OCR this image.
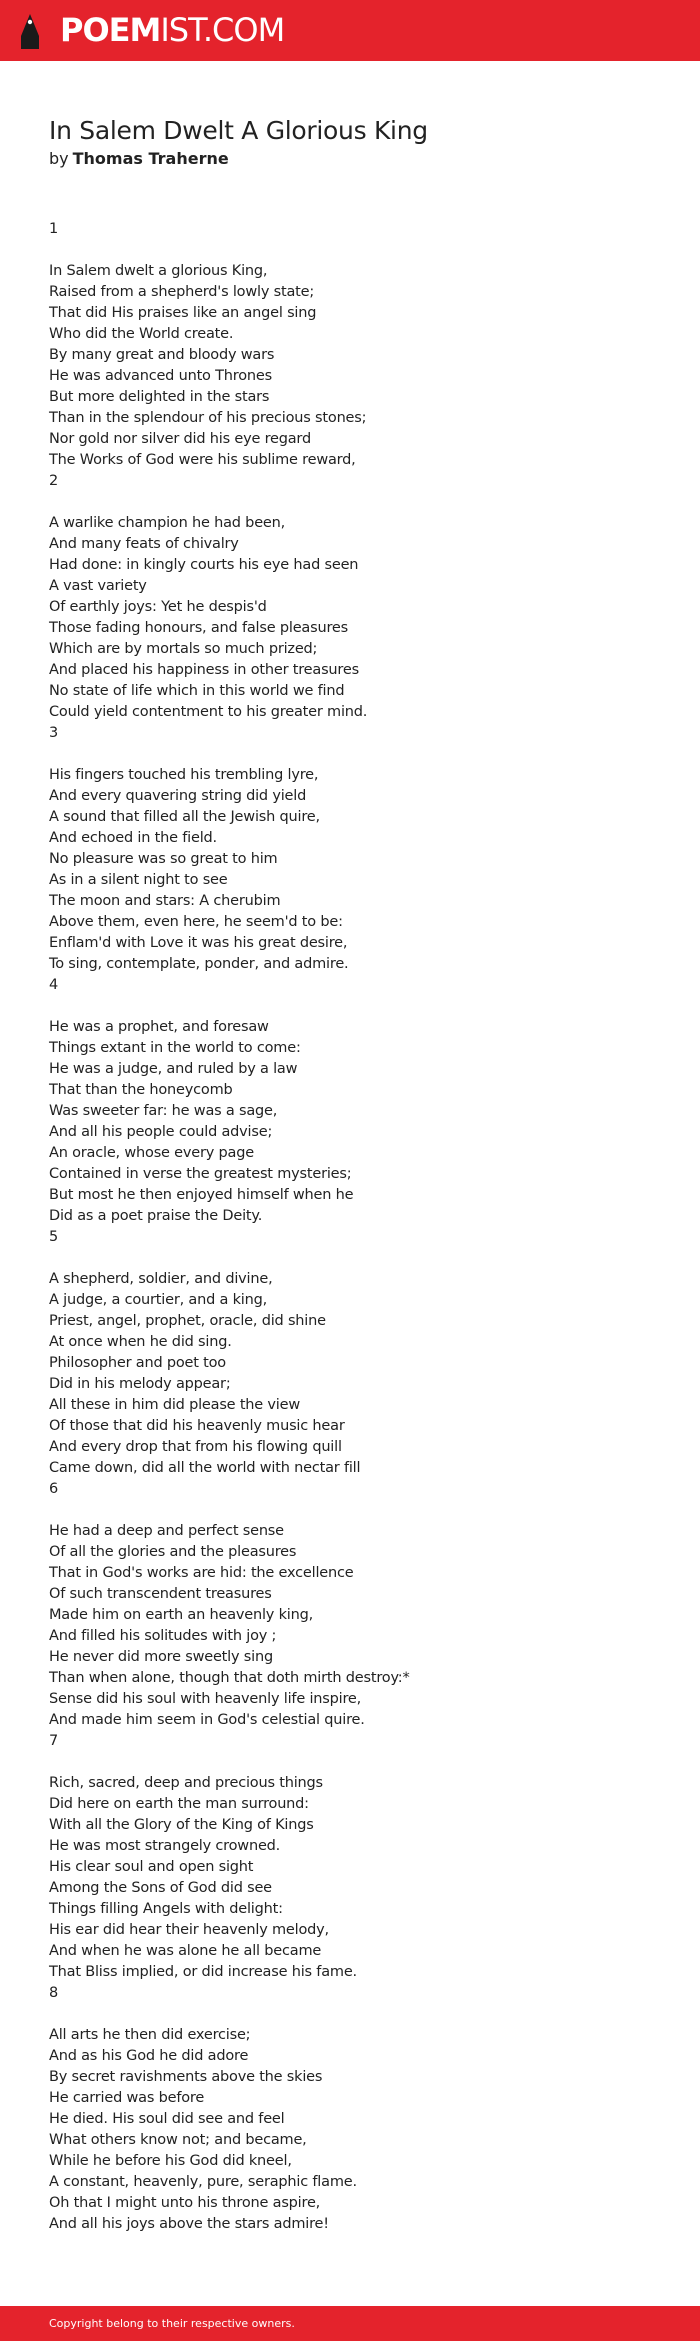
POEMIST.COM
In Salem Dwelt A Glorious King
by Thomas Traherne
1
In Salem dwelt a glorious King,
Raised from a shepherd's lowly state;
That did His praises like an angel sing
Who did the World create.
By many great and bloody wars
He was advanced unto Thrones
But more delighted in the stars
Than in the splendour of his precious stones;
Nor gold nor silver did his eye regard
The Works of God were his sublime reward,
2
A warlike champion he had been,
And many feats of chivalry
Had done: in kingly courts his eye had seen
A vast variety
Of earthly joys: Yet he despis'd
Those fading honours, and false pleasures
Which are by mortals so much prized;
And placed his happiness in other treasures
No state of life which in this world we find
Could yield contentment to his greater mind.
3
His fingers touched his trembling lyre,
And every quavering string did yield
A sound that filled all the Jewish quire,
And echoed in the field.
No pleasure was so great to him
As in a silent night to see
The moon and stars: A cherubim
Above them, even here, he seem'd to be:
Enflam'd with Love it was his great desire,
To sing, contemplate, ponder, and admire.
4
He was a prophet, and foresaw
Things extant in the world to come:
He was a judge, and ruled by a law
That than the honeycomb
Was sweeter far: he was a sage,
And all his people could advise;
An oracle, whose every page
Contained in verse the greatest mysteries;
But most he then enjoyed himself when he
Did as a poet praise the Deity.
5
A shepherd, soldier, and divine,
A judge, a courtier, and a king,
Priest, angel, prophet, oracle, did shine
At once when he did sing.
Philosopher and poet too
Did in his melody appear;
All these in him did please the view
Of those that did his heavenly music hear
And every drop that from his flowing quill
Came down, did all the world with nectar fill
6
He had a deep and perfect sense
Of all the glories and the pleasures
That in God's works are hid: the excellence
Of such transcendent treasures
Made him on earth an heavenly king,
And filled his solitudes with joy ;
He never did more sweetly sing
Than when alone, though that doth mirth destroy:*
Sense did his soul with heavenly life inspire,
And made him seem in God's celestial quire.
7
Rich, sacred, deep and precious things
Did here on earth the man surround:
With all the Glory of the King of Kings
He was most strangely crowned.
His clear soul and open sight
Among the Sons of God did see
Things filling Angels with delight:
His ear did hear their heavenly melody,
And when he was alone he all became
That Bliss implied, or did increase his fame.
8
All arts he then did exercise;
And as his God he did adore
By secret ravishments above the skies
He carried was before
He died. His soul did see and feel
What others know not; and became,
While he before his God did kneel,
A constant, heavenly, pure, seraphic flame.
Oh that I might unto his throne aspire,
And all his joys above the stars admire!
Copyright belong to their respective owners.
